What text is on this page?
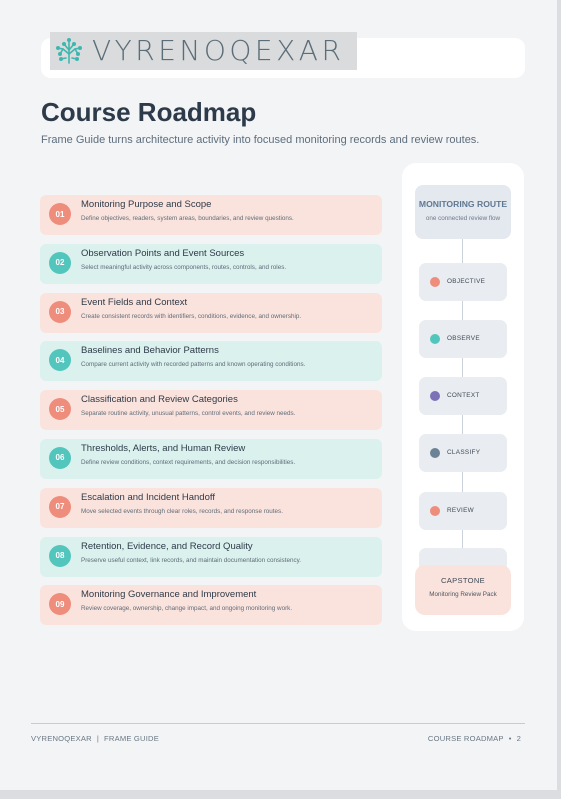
VYRENOQEXAR
Course Roadmap

Frame Guide turns architecture activity into focused monitoring records and review routes.

01
Monitoring Purpose and Scope
Define objectives, readers, system areas, boundaries, and review questions.
02
Observation Points and Event Sources
Select meaningful activity across components, routes, controls, and roles.
03
Event Fields and Context
Create consistent records with identifiers, conditions, evidence, and ownership.
04
Baselines and Behavior Patterns
Compare current activity with recorded patterns and known operating conditions.
05
Classification and Review Categories
Separate routine activity, unusual patterns, control events, and review needs.
06
Thresholds, Alerts, and Human Review
Define review conditions, context requirements, and decision responsibilities.
07
Escalation and Incident Handoff
Move selected events through clear roles, records, and response routes.
08
Retention, Evidence, and Record Quality
Preserve useful context, link records, and maintain documentation consistency.
09
Monitoring Governance and Improvement
Review coverage, ownership, change impact, and ongoing monitoring work.
MONITORING ROUTE
one connected review flow
OBJECTIVE
OBSERVE
CONTEXT
CLASSIFY
REVIEW
CAPSTONE
Monitoring Review Pack
VYRENOQEXAR | FRAME GUIDE	COURSE ROADMAP • 2
